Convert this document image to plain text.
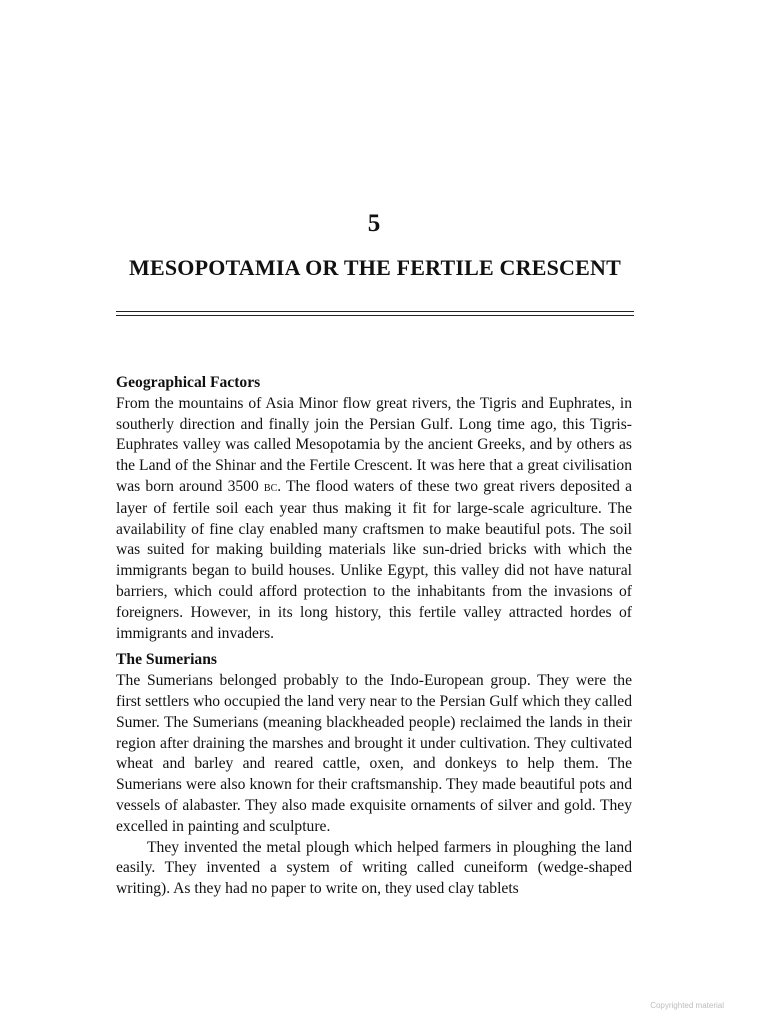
5
MESOPOTAMIA OR THE FERTILE CRESCENT

Geographical Factors

From the mountains of Asia Minor flow great rivers, the Tigris and Euphrates, in southerly direction and finally join the Persian Gulf. Long time ago, this Tigris-Euphrates valley was called Mesopotamia by the ancient Greeks, and by others as the Land of the Shinar and the Fertile Crescent. It was here that a great civilisation was born around 3500 bc. The flood waters of these two great rivers deposited a layer of fertile soil each year thus making it fit for large-scale agriculture. The availability of fine clay enabled many craftsmen to make beautiful pots. The soil was suited for making building materials like sun-dried bricks with which the immigrants began to build houses. Unlike Egypt, this valley did not have natural barriers, which could afford protection to the inhabitants from the invasions of foreigners. However, in its long history, this fertile valley attracted hordes of immigrants and invaders.

The Sumerians

The Sumerians belonged probably to the Indo-European group. They were the first settlers who occupied the land very near to the Persian Gulf which they called Sumer. The Sumerians (meaning blackheaded people) reclaimed the lands in their region after draining the marshes and brought it under cultivation. They cultivated wheat and barley and reared cattle, oxen, and donkeys to help them. The Sumerians were also known for their craftsmanship. They made beautiful pots and vessels of alabaster. They also made exquisite ornaments of silver and gold. They excelled in painting and sculpture.

They invented the metal plough which helped farmers in ploughing the land easily. They invented a system of writing called cuneiform (wedge-shaped writing). As they had no paper to write on, they used clay tablets

Copyrighted material
